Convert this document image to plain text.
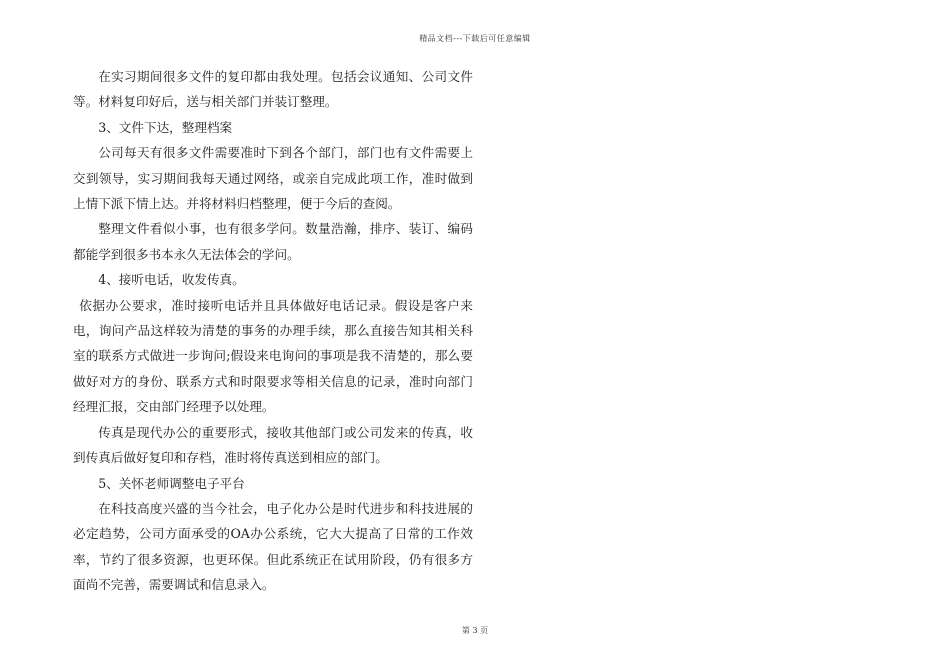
精品文档---下载后可任意编辑

在实习期间很多文件的复印都由我处理。包括会议通知、公司文件等。材料复印好后，送与相关部门并装订整理。

3、文件下达，整理档案

公司每天有很多文件需要准时下到各个部门，部门也有文件需要上交到领导，实习期间我每天通过网络，或亲自完成此项工作，准时做到上情下派下情上达。并将材料归档整理，便于今后的查阅。

整理文件看似小事，也有很多学问。数量浩瀚，排序、装订、编码都能学到很多书本永久无法体会的学问。

4、接听电话，收发传真。

依据办公要求，准时接听电话并且具体做好电话记录。假设是客户来电，询问产品这样较为清楚的事务的办理手续，那么直接告知其相关科室的联系方式做进一步询问;假设来电询问的事项是我不清楚的，那么要做好对方的身份、联系方式和时限要求等相关信息的记录，准时向部门经理汇报，交由部门经理予以处理。

传真是现代办公的重要形式，接收其他部门或公司发来的传真，收到传真后做好复印和存档，准时将传真送到相应的部门。

5、关怀老师调整电子平台

在科技高度兴盛的当今社会，电子化办公是时代进步和科技进展的必定趋势，公司方面承受的OA办公系统，它大大提高了日常的工作效率，节约了很多资源，也更环保。但此系统正在试用阶段，仍有很多方面尚不完善，需要调试和信息录入。

第 3 页
